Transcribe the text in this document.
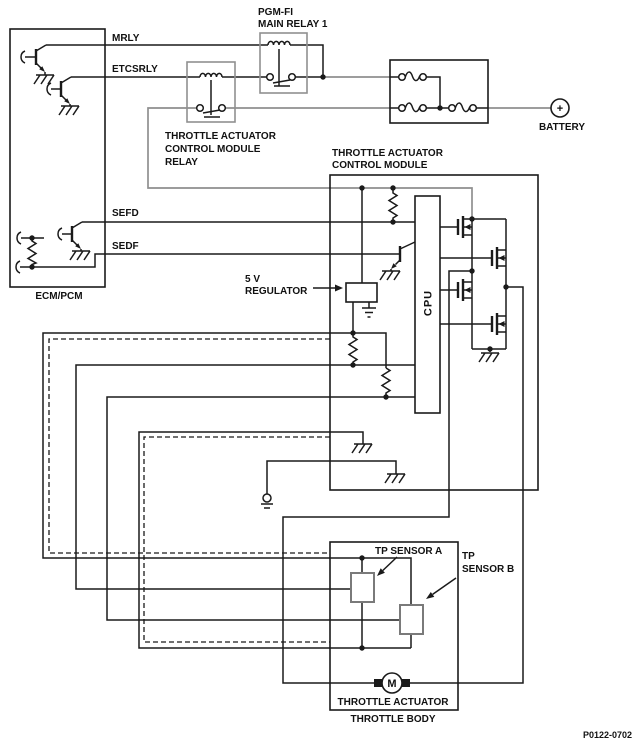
+
CPU
M
MRLY
ETCSRLY
SEFD
SEDF
ECM/PCM
PGM-FI
MAIN RELAY 1
THROTTLE ACTUATOR
CONTROL MODULE
RELAY
BATTERY
THROTTLE ACTUATOR
CONTROL MODULE
5 V
REGULATOR
TP SENSOR A TP
SENSOR B
THROTTLE ACTUATOR
THROTTLE BODY
P0122-0702
